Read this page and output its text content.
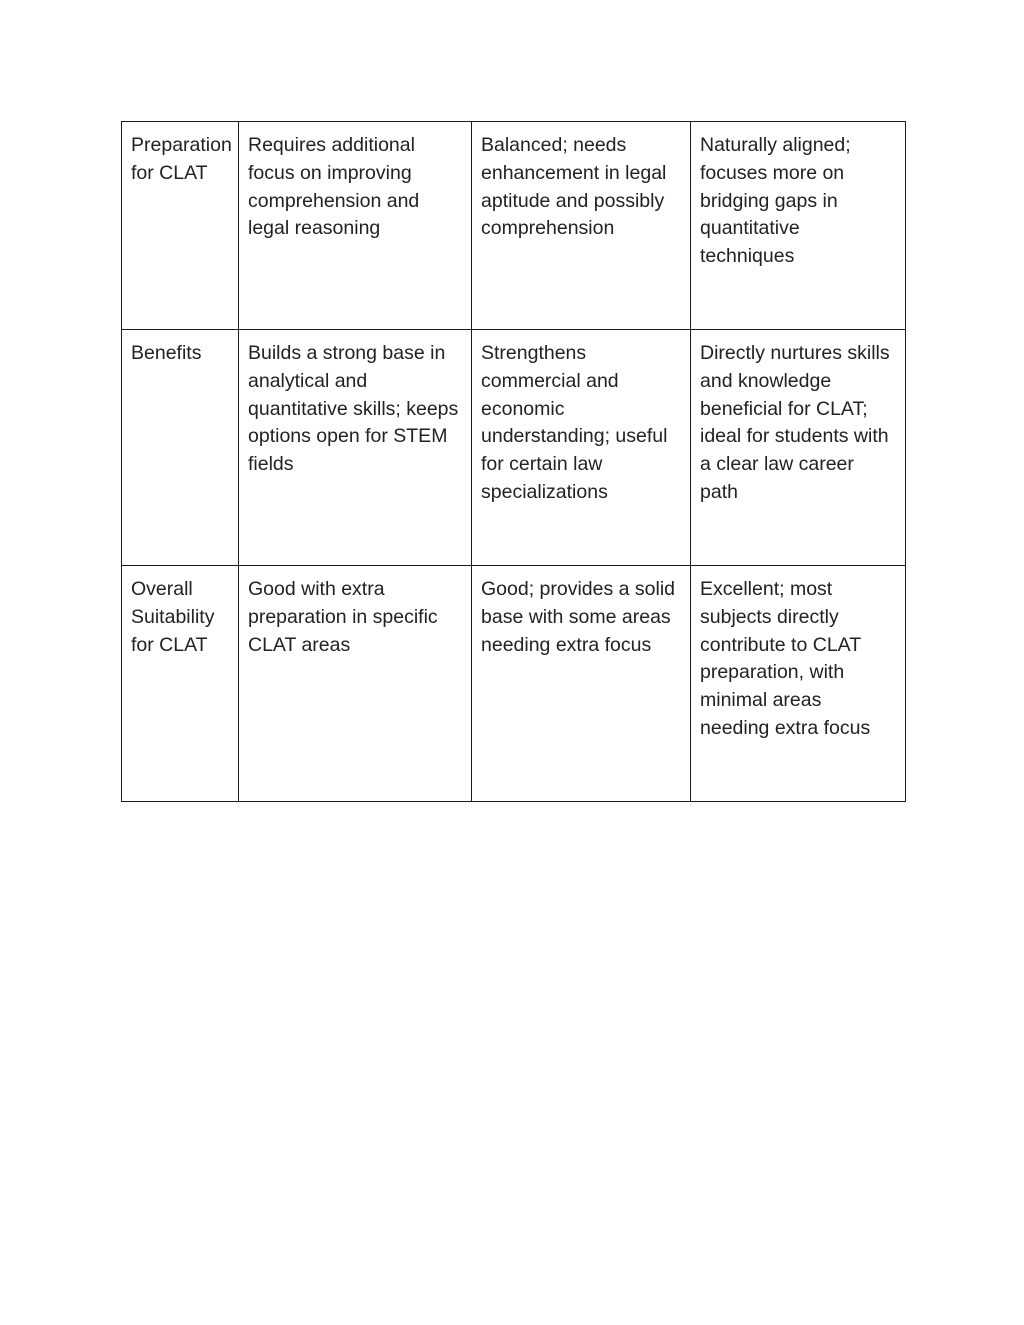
Preparation for CLAT	Requires additional focus on improving comprehension and legal reasoning	Balanced; needs enhancement in legal aptitude and possibly comprehension	Naturally aligned; focuses more on bridging gaps in quantitative techniques
Benefits	Builds a strong base in analytical and quantitative skills; keeps options open for STEM fields	Strengthens commercial and economic understanding; useful for certain law specializations	Directly nurtures skills and knowledge beneficial for CLAT; ideal for students with a clear law career path
Overall Suitability for CLAT	Good with extra preparation in specific CLAT areas	Good; provides a solid base with some areas needing extra focus	Excellent; most subjects directly contribute to CLAT preparation, with minimal areas needing extra focus
